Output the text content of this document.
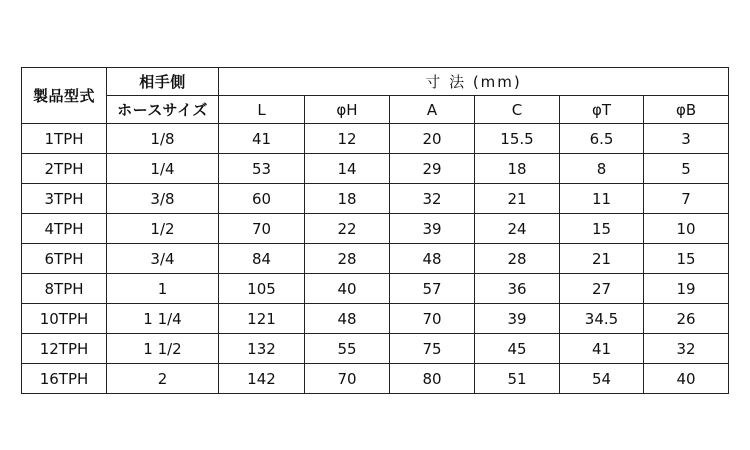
製品型式	相手側	寸 法 (mm)					
	ホースサイズ	L	φH	A	C	φT	φB
1TPH	1/8	41	12	20	15.5	6.5	3
2TPH	1/4	53	14	29	18	8	5
3TPH	3/8	60	18	32	21	11	7
4TPH	1/2	70	22	39	24	15	10
6TPH	3/4	84	28	48	28	21	15
8TPH	1	105	40	57	36	27	19
10TPH	1 1/4	121	48	70	39	34.5	26
12TPH	1 1/2	132	55	75	45	41	32
16TPH	2	142	70	80	51	54	40
